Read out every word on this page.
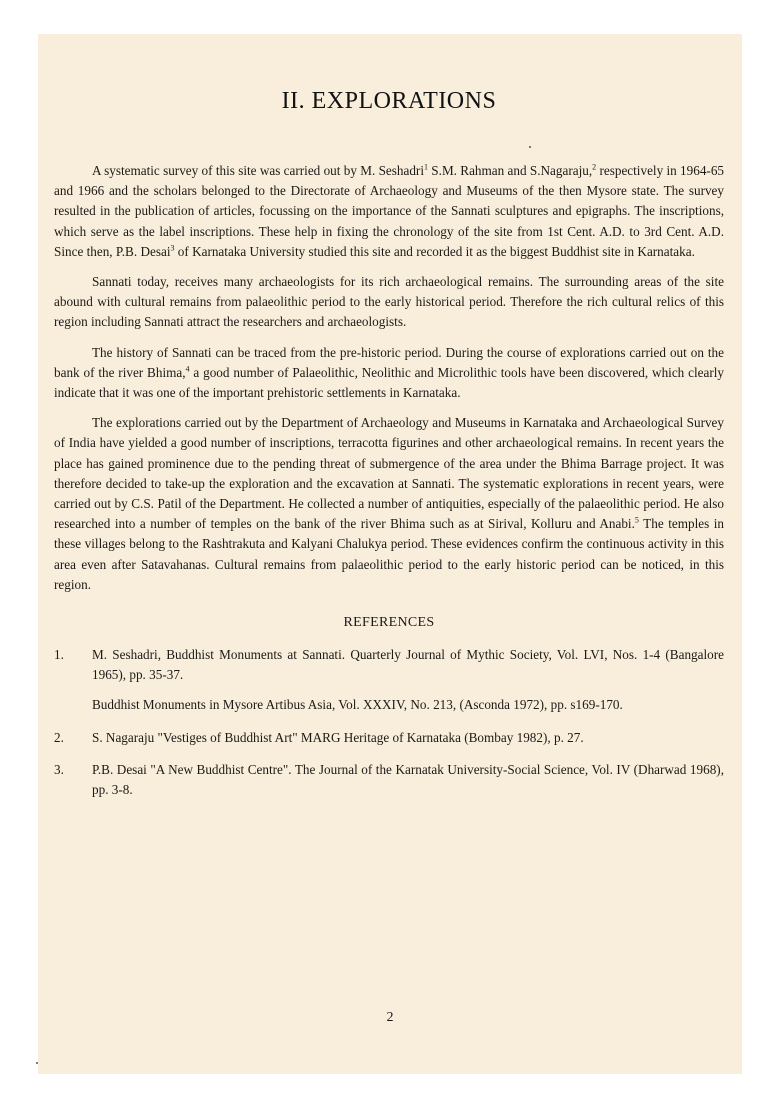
II. EXPLORATIONS

A systematic survey of this site was carried out by M. Seshadri$^1$ S.M. Rahman and S.Nagaraju,$^2$ respectively in 1964-65 and 1966 and the scholars belonged to the Directorate of Archaeology and Museums of the then Mysore state. The survey resulted in the publication of articles, focussing on the importance of the Sannati sculptures and epigraphs. The inscriptions, which serve as the label inscriptions. These help in fixing the chronology of the site from 1st Cent. A.D. to 3rd Cent. A.D. Since then, P.B. Desai$^3$ of Karnataka University studied this site and recorded it as the biggest Buddhist site in Karnataka.

Sannati today, receives many archaeologists for its rich archaeological remains. The surrounding areas of the site abound with cultural remains from palaeolithic period to the early historical period. Therefore the rich cultural relics of this region including Sannati attract the researchers and archaeologists.

The history of Sannati can be traced from the pre-historic period. During the course of explorations carried out on the bank of the river Bhima,$^4$ a good number of Palaeolithic, Neolithic and Microlithic tools have been discovered, which clearly indicate that it was one of the important prehistoric settlements in Karnataka.

The explorations carried out by the Department of Archaeology and Museums in Karnataka and Archaeological Survey of India have yielded a good number of inscriptions, terracotta figurines and other archaeological remains. In recent years the place has gained prominence due to the pending threat of submergence of the area under the Bhima Barrage project. It was therefore decided to take-up the exploration and the excavation at Sannati. The systematic explorations in recent years, were carried out by C.S. Patil of the Department. He collected a number of antiquities, especially of the palaeolithic period. He also researched into a number of temples on the bank of the river Bhima such as at Sirival, Kolluru and Anabi.$^5$ The temples in these villages belong to the Rashtrakuta and Kalyani Chalukya period. These evidences confirm the continuous activity in this area even after Satavahanas. Cultural remains from palaeolithic period to the early historic period can be noticed, in this region.

REFERENCES
1.	M. Seshadri, Buddhist Monuments at Sannati. Quarterly Journal of Mythic Society, Vol. LVI, Nos. 1-4 (Bangalore 1965), pp. 35-37.

Buddhist Monuments in Mysore Artibus Asia, Vol. XXXIV, No. 213, (Asconda 1972), pp. s169-170.

2.	S. Nagaraju "Vestiges of Buddhist Art" MARG Heritage of Karnataka (Bombay 1982), p. 27.

3.	P.B. Desai "A New Buddhist Centre". The Journal of the Karnatak University-Social Science, Vol. IV (Dharwad 1968), pp. 3-8.

2
